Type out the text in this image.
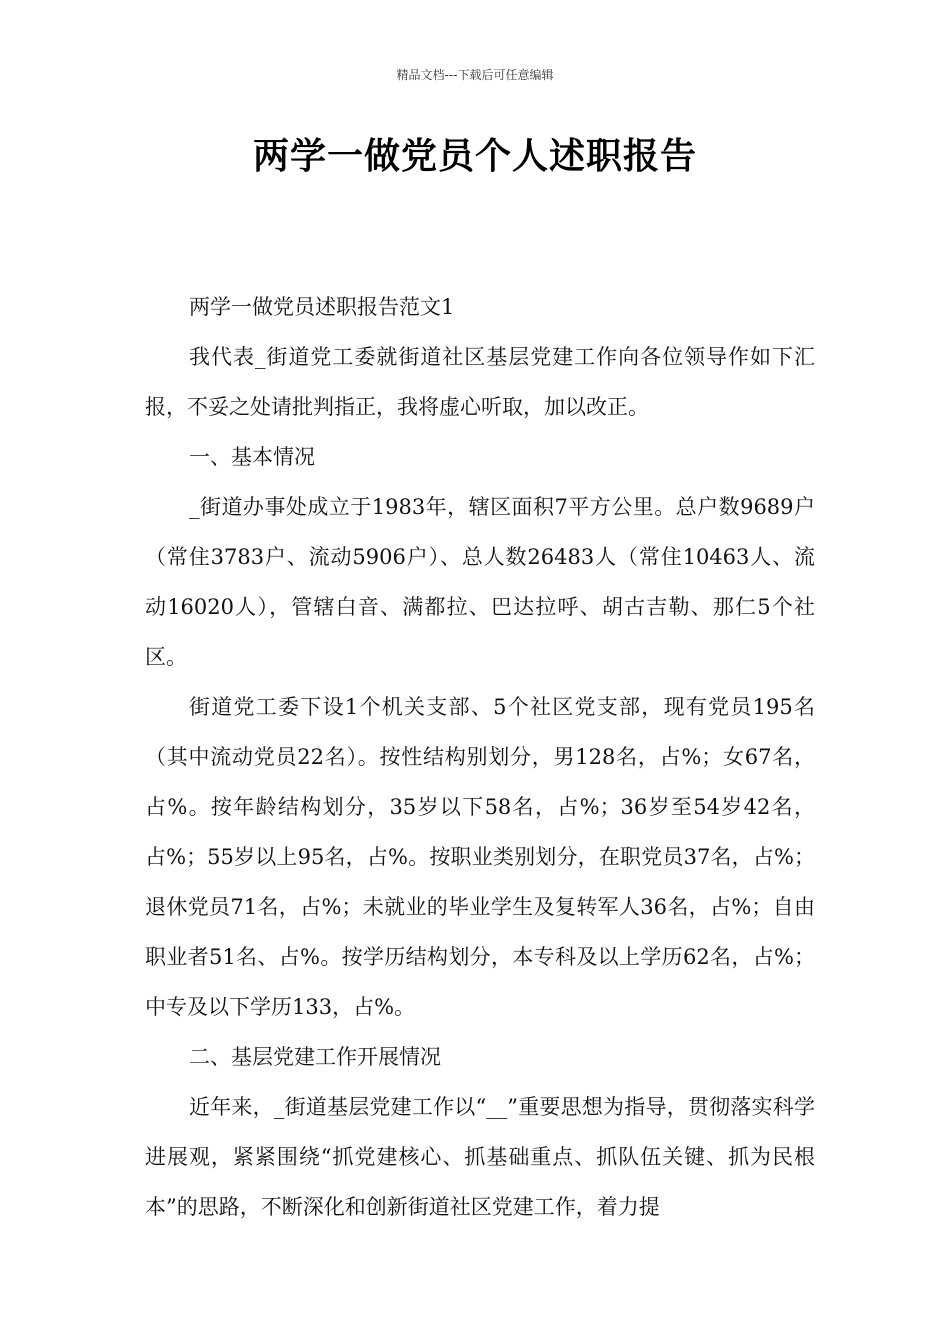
精品文档---下载后可任意编辑
两学一做党员个人述职报告

两学一做党员述职报告范文1

我代表_街道党工委就街道社区基层党建工作向各位领导作如下汇报，不妥之处请批判指正，我将虚心听取，加以改正。

一、基本情况

_街道办事处成立于1983年，辖区面积7平方公里。总户数9689户（常住3783户、流动5906户）、总人数26483人（常住10463人、流动16020人），管辖白音、满都拉、巴达拉呼、胡古吉勒、那仁5个社区。

街道党工委下设1个机关支部、5个社区党支部，现有党员195名（其中流动党员22名）。按性结构别划分，男128名，占%；女67名，占%。按年龄结构划分，35岁以下58名，占%；36岁至54岁42名，占%；55岁以上95名，占%。按职业类别划分，在职党员37名，占%；退休党员71名，占%；未就业的毕业学生及复转军人36名，占%；自由职业者51名、占%。按学历结构划分，本专科及以上学历62名，占%；中专及以下学历133，占%。

二、基层党建工作开展情况

近年来，_街道基层党建工作以“__”重要思想为指导，贯彻落实科学进展观，紧紧围绕“抓党建核心、抓基础重点、抓队伍关键、抓为民根本”的思路，不断深化和创新街道社区党建工作，着力提
